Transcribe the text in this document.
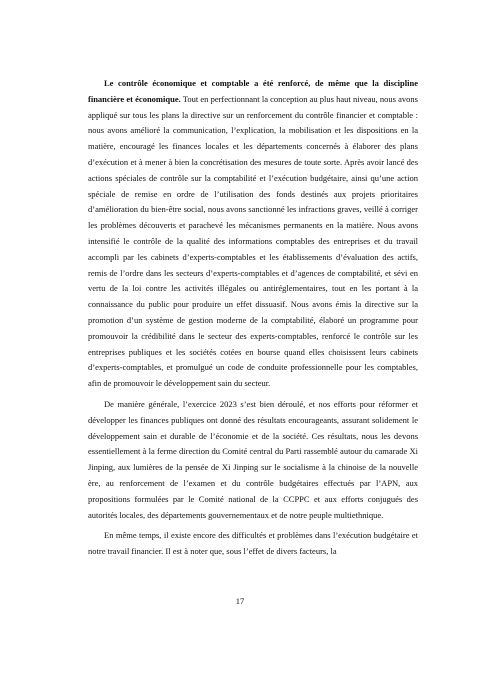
Le contrôle économique et comptable a été renforcé, de même que la discipline financière et économique. Tout en perfectionnant la conception au plus haut niveau, nous avons appliqué sur tous les plans la directive sur un renforcement du contrôle financier et comptable : nous avons amélioré la communication, l’explication, la mobilisation et les dispositions en la matière, encouragé les finances locales et les départements concernés à élaborer des plans d’exécution et à mener à bien la concrétisation des mesures de toute sorte. Après avoir lancé des actions spéciales de contrôle sur la comptabilité et l’exécution budgétaire, ainsi qu’une action spéciale de remise en ordre de l’utilisation des fonds destinés aux projets prioritaires d’amélioration du bien-être social, nous avons sanctionné les infractions graves, veillé à corriger les problèmes découverts et parachevé les mécanismes permanents en la matière. Nous avons intensifié le contrôle de la qualité des informations comptables des entreprises et du travail accompli par les cabinets d’experts-comptables et les établissements d’évaluation des actifs, remis de l’ordre dans les secteurs d’experts-comptables et d’agences de comptabilité, et sévi en vertu de la loi contre les activités illégales ou antiréglementaires, tout en les portant à la connaissance du public pour produire un effet dissuasif. Nous avons émis la directive sur la promotion d’un système de gestion moderne de la comptabilité, élaboré un programme pour promouvoir la crédibilité dans le secteur des experts-comptables, renforcé le contrôle sur les entreprises publiques et les sociétés cotées en bourse quand elles choisissent leurs cabinets d’experts-comptables, et promulgué un code de conduite professionnelle pour les comptables, afin de promouvoir le développement sain du secteur.

De manière générale, l’exercice 2023 s’est bien déroulé, et nos efforts pour réformer et développer les finances publiques ont donné des résultats encourageants, assurant solidement le développement sain et durable de l’économie et de la société. Ces résultats, nous les devons essentiellement à la ferme direction du Comité central du Parti rassemblé autour du camarade Xi Jinping, aux lumières de la pensée de Xi Jinping sur le socialisme à la chinoise de la nouvelle ère, au renforcement de l’examen et du contrôle budgétaires effectués par l’APN, aux propositions formulées par le Comité national de la CCPPC et aux efforts conjugués des autorités locales, des départements gouvernementaux et de notre peuple multiethnique.

En même temps, il existe encore des difficultés et problèmes dans l’exécution budgétaire et notre travail financier. Il est à noter que, sous l’effet de divers facteurs, la

17
